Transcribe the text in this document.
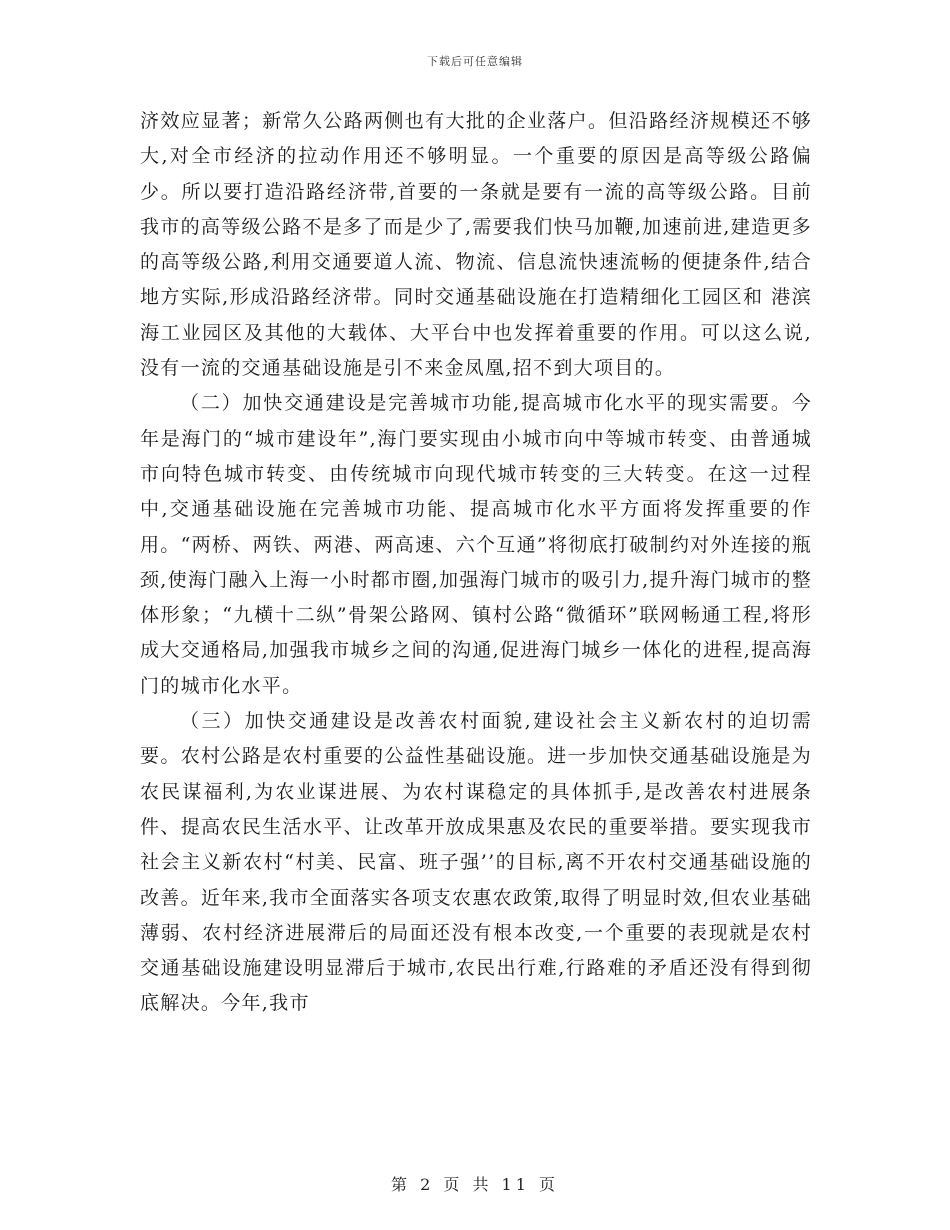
下载后可任意编辑

济效应显著；新常久公路两侧也有大批的企业落户。但沿路经济规模还不够大,对全市经济的拉动作用还不够明显。一个重要的原因是高等级公路偏少。所以要打造沿路经济带,首要的一条就是要有一流的高等级公路。目前我市的高等级公路不是多了而是少了,需要我们快马加鞭,加速前进,建造更多的高等级公路,利用交通要道人流、物流、信息流快速流畅的便捷条件,结合地方实际,形成沿路经济带。同时交通基础设施在打造精细化工园区和 港滨海工业园区及其他的大载体、大平台中也发挥着重要的作用。可以这么说,没有一流的交通基础设施是引不来金凤凰,招不到大项目的。

（二）加快交通建设是完善城市功能,提高城市化水平的现实需要。今年是海门的“城市建设年”,海门要实现由小城市向中等城市转变、由普通城市向特色城市转变、由传统城市向现代城市转变的三大转变。在这一过程中,交通基础设施在完善城市功能、提高城市化水平方面将发挥重要的作用。“两桥、两铁、两港、两高速、六个互通”将彻底打破制约对外连接的瓶颈,使海门融入上海一小时都市圈,加强海门城市的吸引力,提升海门城市的整体形象；“九横十二纵”骨架公路网、镇村公路“微循环”联网畅通工程,将形成大交通格局,加强我市城乡之间的沟通,促进海门城乡一体化的进程,提高海门的城市化水平。

（三）加快交通建设是改善农村面貌,建设社会主义新农村的迫切需要。农村公路是农村重要的公益性基础设施。进一步加快交通基础设施是为农民谋福利,为农业谋进展、为农村谋稳定的具体抓手,是改善农村进展条件、提高农民生活水平、让改革开放成果惠及农民的重要举措。要实现我市社会主义新农村“村美、民富、班子强’’的目标,离不开农村交通基础设施的改善。近年来,我市全面落实各项支农惠农政策,取得了明显时效,但农业基础薄弱、农村经济进展滞后的局面还没有根本改变,一个重要的表现就是农村交通基础设施建设明显滞后于城市,农民出行难,行路难的矛盾还没有得到彻底解决。今年,我市

第 2 页 共 11 页
